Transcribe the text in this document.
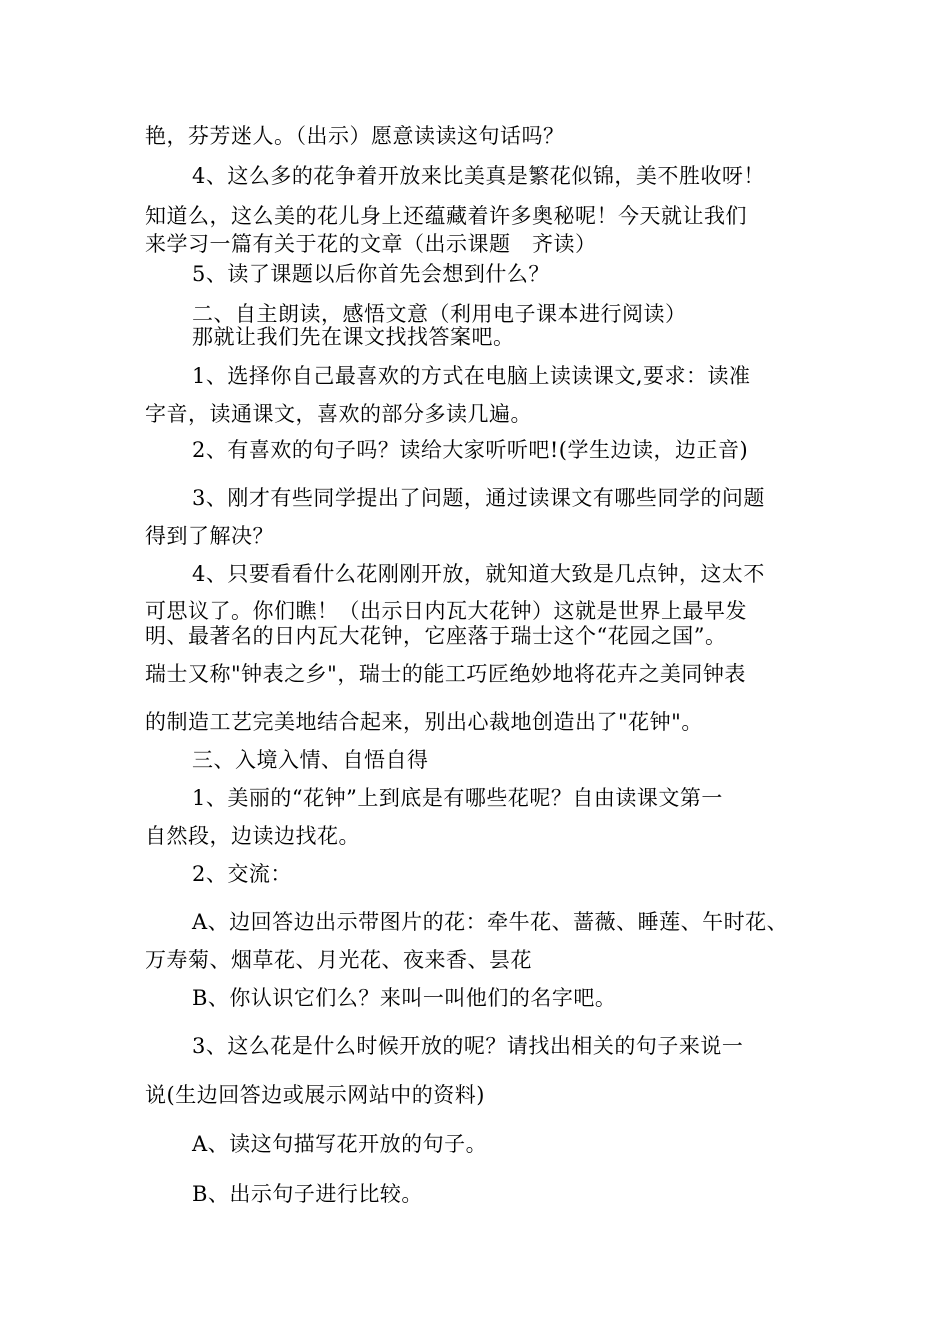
艳，芬芳迷人。（出示）愿意读读这句话吗？
4、这么多的花争着开放来比美真是繁花似锦，美不胜收呀！
知道么，这么美的花儿身上还蕴藏着许多奥秘呢！今天就让我们
来学习一篇有关于花的文章（出示课题　齐读）
5、读了课题以后你首先会想到什么？
二、自主朗读，感悟文意（利用电子课本进行阅读）
那就让我们先在课文找找答案吧。
1、选择你自己最喜欢的方式在电脑上读读课文,要求：读准
字音，读通课文，喜欢的部分多读几遍。
2、有喜欢的句子吗？读给大家听听吧!(学生边读，边正音)
3、刚才有些同学提出了问题，通过读课文有哪些同学的问题
得到了解决？
4、只要看看什么花刚刚开放，就知道大致是几点钟，这太不
可思议了。你们瞧！（出示日内瓦大花钟）这就是世界上最早发
明、最著名的日内瓦大花钟，它座落于瑞士这个“花园之国”。
瑞士又称"钟表之乡"，瑞士的能工巧匠绝妙地将花卉之美同钟表
的制造工艺完美地结合起来，别出心裁地创造出了"花钟"。
三、入境入情、自悟自得
1、美丽的“花钟”上到底是有哪些花呢？自由读课文第一
自然段，边读边找花。
2、交流：
A、边回答边出示带图片的花：牵牛花、蔷薇、睡莲、午时花、
万寿菊、烟草花、月光花、夜来香、昙花
B、你认识它们么？来叫一叫他们的名字吧。
3、这么花是什么时候开放的呢？请找出相关的句子来说一
说(生边回答边或展示网站中的资料)
A、读这句描写花开放的句子。
B、出示句子进行比较。
